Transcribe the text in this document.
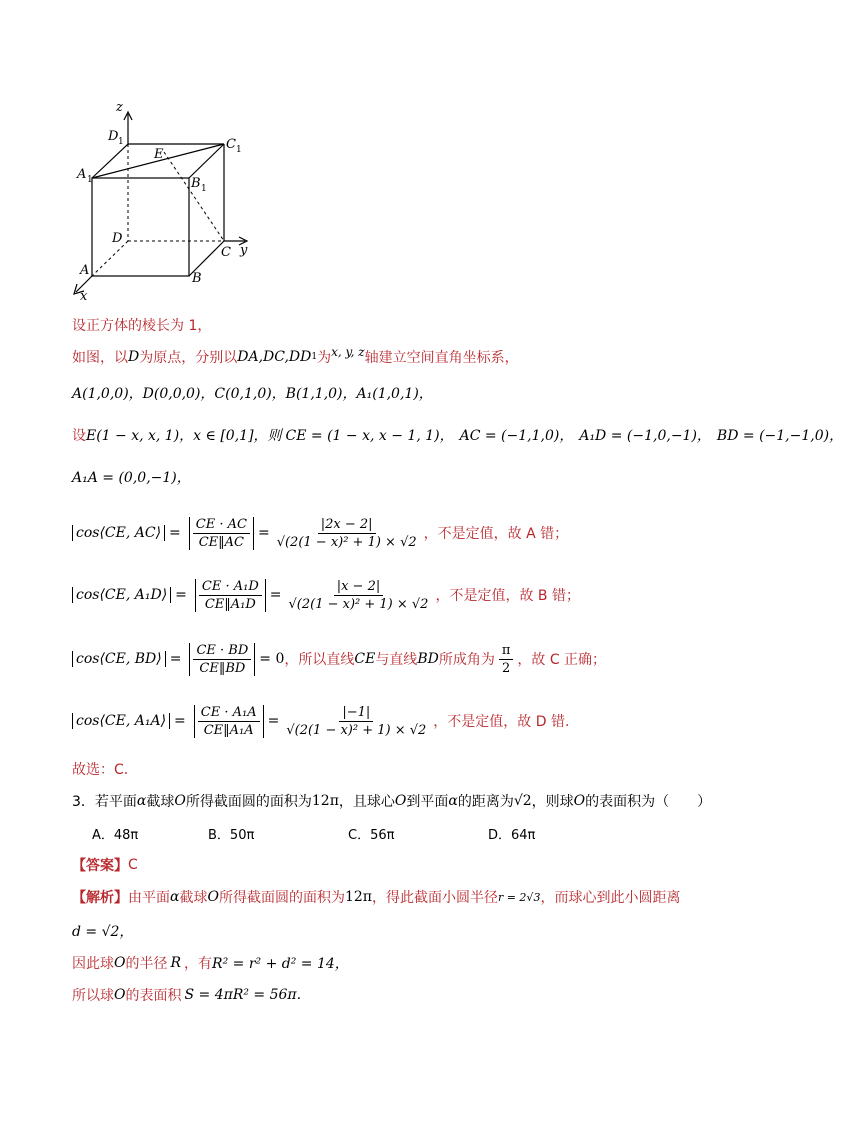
z
D 1	C 1
E
A 1	B 1
D
C y
A
B
x
设正方体的棱长为 1，
如图，以 D 为原点，分别以 DA,DC,DD 1 为 x, y, z 轴建立空间直角坐标系，
A(1,0,0)，D(0,0,0)，C(0,1,0)，B(1,1,0)，A₁(1,0,1)，
设 E(1 − x, x, 1)，x ∈ [0,1]，则 CE = (1 − x, x − 1, 1)， AC = (−1,1,0)， A₁D = (−1,0,−1)， BD = (−1,−1,0)，
A₁A = (0,0,−1)，
cos⟨CE, AC⟩ = $\frac{CE \cdot AC}{CE‖AC} = \frac{|2x - 2|}{\text{√(2(1 − x)² + 1) × √2}}$ ，不是定值，故 A 错；
cos⟨CE, A₁D⟩ = $\frac{\text{CE · A₁D}}{\text{CE‖A₁D}} = \frac{|x - 2|}{\text{√(2(1 − x)² + 1) × √2}}$ ，不是定值，故 B 错；
cos⟨CE, BD⟩ = $\frac{CE \cdot BD}{CE‖BD} = 0$ ，所以直线 CE 与直线 BD 所成角为 $\frac{\pi}{2}$ ，故 C 正确；
cos⟨CE, A₁A⟩ = $\frac{\text{CE · A₁A}}{\text{CE‖A₁A}} = \frac{|-1|}{\text{√(2(1 − x)² + 1) × √2}}$ ，不是定值，故 D 错.
故选：C.
3．若平面 α 截球 O 所得截面圆的面积为 12π ，且球心 O 到平面 α 的距离为 √2 ，则球 O 的表面积为（　　）
A．48π	B．50π	C．56π	D．64π
【答案】 C
【解析】 由平面 α 截球 O 所得截面圆的面积为 12π ，得此截面小圆半径 r = 2√3 ，而球心到此小圆距离
d = √2，
因此球 O 的半径 R ，有 R² = r² + d² = 14，
所以球 O 的表面积 S = 4πR² = 56π.
